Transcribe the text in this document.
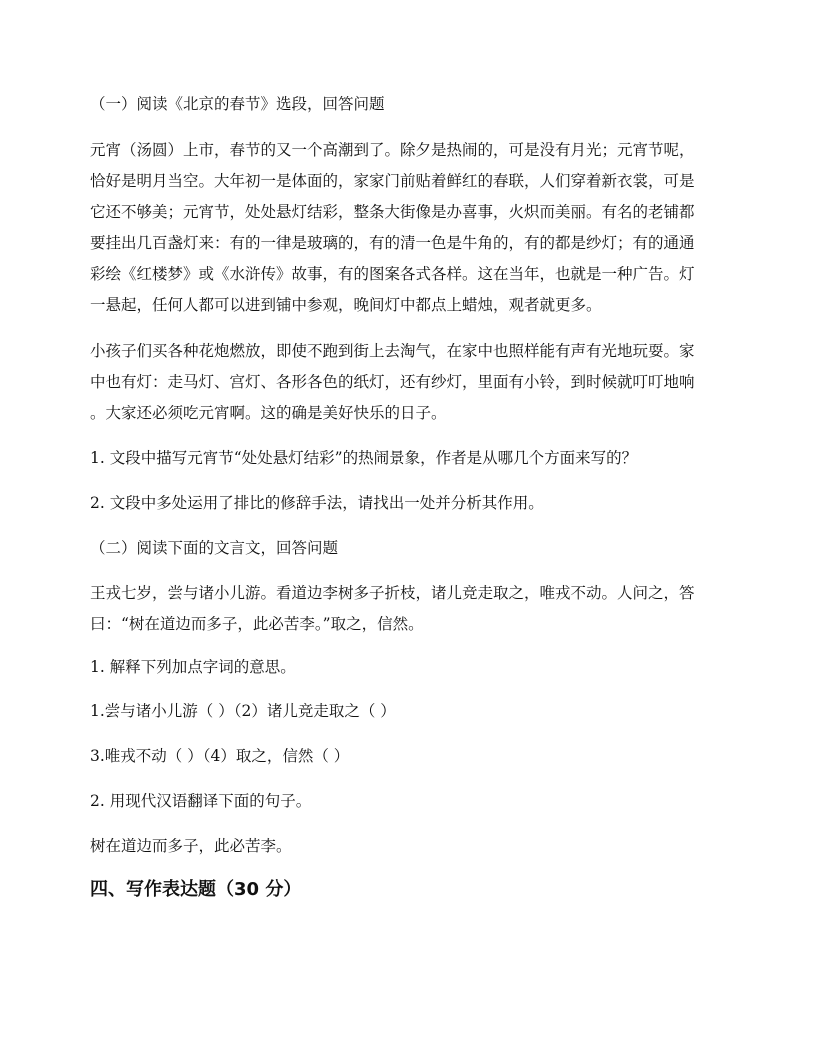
（一）阅读《北京的春节》选段，回答问题
元宵（汤圆）上市，春节的又一个高潮到了。除夕是热闹的，可是没有月光；元宵节呢，
恰好是明月当空。大年初一是体面的，家家门前贴着鲜红的春联，人们穿着新衣裳，可是
它还不够美；元宵节，处处悬灯结彩，整条大街像是办喜事，火炽而美丽。有名的老铺都
要挂出几百盏灯来：有的一律是玻璃的，有的清一色是牛角的，有的都是纱灯；有的通通
彩绘《红楼梦》或《水浒传》故事，有的图案各式各样。这在当年，也就是一种广告。灯
一悬起，任何人都可以进到铺中参观，晚间灯中都点上蜡烛，观者就更多。
小孩子们买各种花炮燃放，即使不跑到街上去淘气，在家中也照样能有声有光地玩耍。家
中也有灯：走马灯、宫灯、各形各色的纸灯，还有纱灯，里面有小铃，到时候就叮叮地响
。大家还必须吃元宵啊。这的确是美好快乐的日子。
1. 文段中描写元宵节“处处悬灯结彩”的热闹景象，作者是从哪几个方面来写的？
2. 文段中多处运用了排比的修辞手法，请找出一处并分析其作用。
（二）阅读下面的文言文，回答问题
王戎七岁，尝与诸小儿游。看道边李树多子折枝，诸儿竞走取之，唯戎不动。人问之，答
曰：“树在道边而多子，此必苦李。”取之，信然。
1. 解释下列加点字词的意思。
1.尝与诸小儿游（ ）（2）诸儿竞走取之（ ）
3.唯戎不动（ ）（4）取之，信然（ ）
2. 用现代汉语翻译下面的句子。
树在道边而多子，此必苦李。
四、写作表达题（30 分）
